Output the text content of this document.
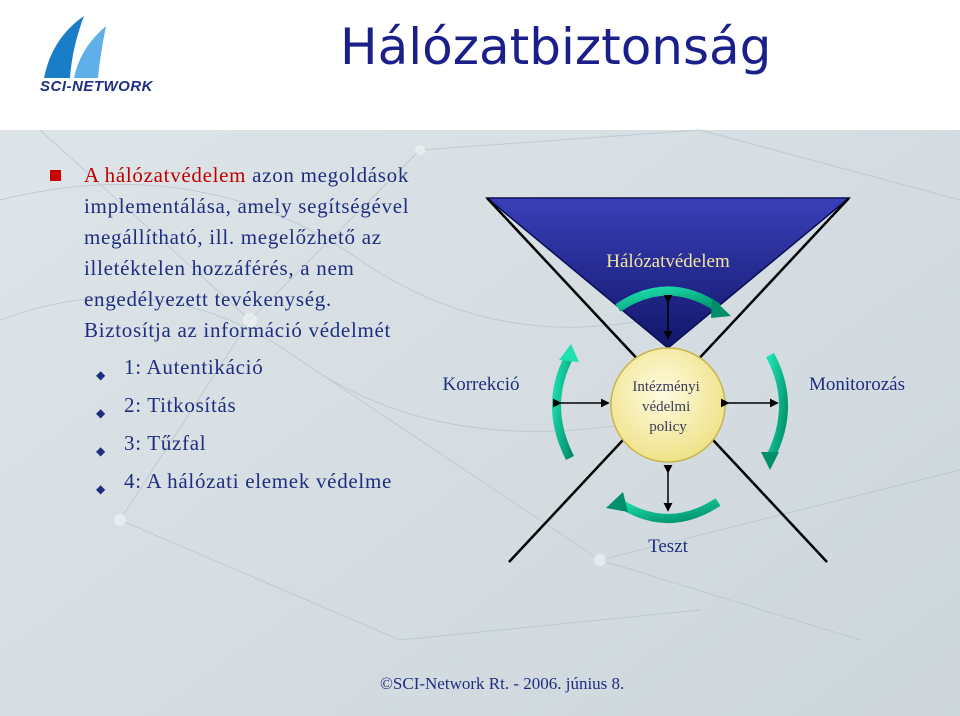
SCI-NETWORK
Hálózatbiztonság
A hálózatvédelem azon megoldások implementálása, amely segítségével megállítható, ill. megelőzhető az illetéktelen hozzáférés, a nem engedélyezett tevékenység. Biztosítja az információ védelmét
◆ 1: Autentikáció
◆ 2: Titkosítás
◆ 3: Tűzfal
◆ 4: A hálózati elemek védelme
Hálózatvédelem
Intézményi védelmi policy
Korrekció	Monitorozás
Teszt
©SCI-Network Rt. - 2006. június 8.
